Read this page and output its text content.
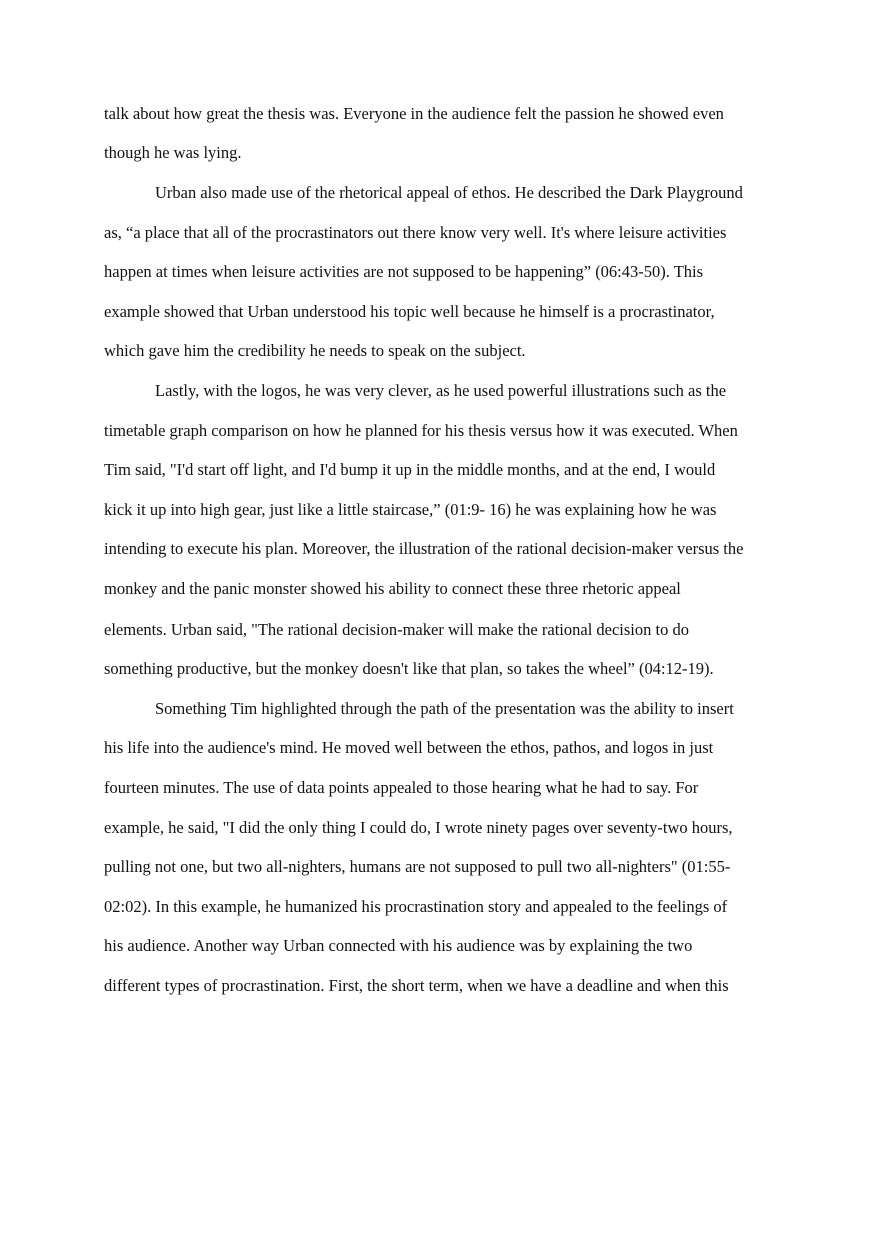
talk about how great the thesis was. Everyone in the audience felt the passion he showed even

though he was lying.

Urban also made use of the rhetorical appeal of ethos. He described the Dark Playground

as, “a place that all of the procrastinators out there know very well. It's where leisure activities

happen at times when leisure activities are not supposed to be happening” (06:43-50). This

example showed that Urban understood his topic well because he himself is a procrastinator,

which gave him the credibility he needs to speak on the subject.

Lastly, with the logos, he was very clever, as he used powerful illustrations such as the

timetable graph comparison on how he planned for his thesis versus how it was executed. When

Tim said, "I'd start off light, and I'd bump it up in the middle months, and at the end, I would

kick it up into high gear, just like a little staircase,” (01:9- 16) he was explaining how he was

intending to execute his plan. Moreover, the illustration of the rational decision-maker versus the

monkey and the panic monster showed his ability to connect these three rhetoric appeal

elements. Urban said, "The rational decision-maker will make the rational decision to do

something productive, but the monkey doesn't like that plan, so takes the wheel” (04:12-19).

Something Tim highlighted through the path of the presentation was the ability to insert

his life into the audience's mind. He moved well between the ethos, pathos, and logos in just

fourteen minutes. The use of data points appealed to those hearing what he had to say. For

example, he said, "I did the only thing I could do, I wrote ninety pages over seventy-two hours,

pulling not one, but two all-nighters, humans are not supposed to pull two all-nighters" (01:55-

02:02). In this example, he humanized his procrastination story and appealed to the feelings of

his audience. Another way Urban connected with his audience was by explaining the two

different types of procrastination. First, the short term, when we have a deadline and when this
